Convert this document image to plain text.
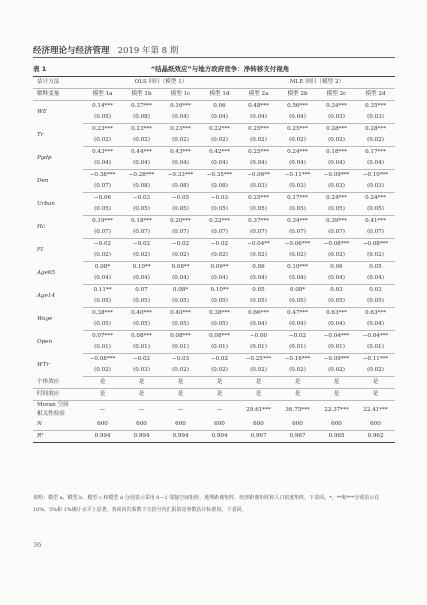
经济理论与经济管理 2019 年第 8 期
表 1	“结晶纸效应”与地方政府竞争：净转移支付视角
估计方法	OLS 回归（模型 1）				MLE 回归（模型 2）			
解释变量	模型 1a	模型 1b	模型 1c	模型 1d	模型 2a	模型 2b	模型 2c	模型 2d
WE	0.14***	0.37***	0.16***	0.06	0.48***	0.56***	0.34***	0.35***
	(0.05)	(0.08)	(0.04)	(0.04)	(0.04)	(0.04)	(0.03)	(0.03)
Tr	0.23***	0.23***	0.23***	0.22***	0.25***	0.25***	0.28***	0.28***
	(0.02)	(0.02)	(0.02)	(0.02)	(0.02)	(0.02)	(0.02)	(0.02)
Pgdp	0.43***	0.44***	0.43***	0.42***	0.25***	0.24***	0.18***	0.17***
	(0.04)	(0.04)	(0.04)	(0.04)	(0.04)	(0.04)	(0.04)	(0.04)
Den	−0.38***	−0.28***	−0.33***	−0.35***	−0.06**	−0.11***	−0.09***	−0.10***
	(0.07)	(0.08)	(0.08)	(0.08)	(0.03)	(0.03)	(0.03)	(0.03)
Urban	−0.06	−0.03	−0.05	−0.03	0.25***	0.17***	0.24***	0.24***
	(0.05)	(0.05)	(0.05)	(0.05)	(0.05)	(0.05)	(0.05)	(0.05)
Hc	0.19***	0.18***	0.20***	0.22***	0.37***	0.34***	0.39***	0.41***
	(0.07)	(0.07)	(0.07)	(0.07)	(0.07)	(0.07)	(0.07)	(0.07)
FI	−0.02	−0.02	−0.02	−0.02	−0.04**	−0.06***	−0.08***	−0.08***
	(0.02)	(0.02)	(0.02)	(0.02)	(0.02)	(0.02)	(0.02)	(0.02)
Age65	0.08*	0.10**	0.08**	0.09**	0.06	0.10***	0.06	0.05
	(0.04)	(0.04)	(0.04)	(0.04)	(0.04)	(0.04)	(0.04)	(0.04)
Age14	0.11**	0.07	0.08*	0.10**	0.05	0.08*	0.03	0.03
	(0.05)	(0.05)	(0.05)	(0.05)	(0.05)	(0.05)	(0.05)	(0.05)
Wage	0.38***	0.40***	0.40***	0.38***	0.66***	0.47***	0.63***	0.63***
	(0.05)	(0.05)	(0.05)	(0.05)	(0.04)	(0.04)	(0.04)	(0.04)
Open	0.07***	0.08***	0.08***	0.08***	−0.00	−0.02	−0.04***	−0.04***
	(0.01)	(0.01)	(0.01)	(0.01)	(0.01)	(0.01)	(0.01)	(0.01)
WTr	−0.08***	−0.02	−0.03	−0.02	−0.25***	−0.16***	−0.09***	−0.11***
	(0.02)	(0.03)	(0.02)	(0.02)	(0.02)	(0.02)	(0.02)	(0.02)
个体效应	是	是	是	是	是	是	是	是
时间效应	是	是	是	是	是	是	是	是
Moran 空间
相关性检验	—	—	—	—	29.61***	36.75***	22.37***	22.41***

N	600	600	600	600	600	600	600	600
R²	0.994	0.994	0.994	0.994	0.967	0.967	0.965	0.962
说明：模型 a、模型 b、模型 c 和模型 d 分别表示采用 0—1 邻接空间矩阵、地理距离矩阵、经济距离矩阵和人口密度矩阵，下表同。*、**和***分别表示在 10%、5%和 1%统计水平上显著，各项回归系数下方括号内汇报的是参数估计标准误，下表同。
36
